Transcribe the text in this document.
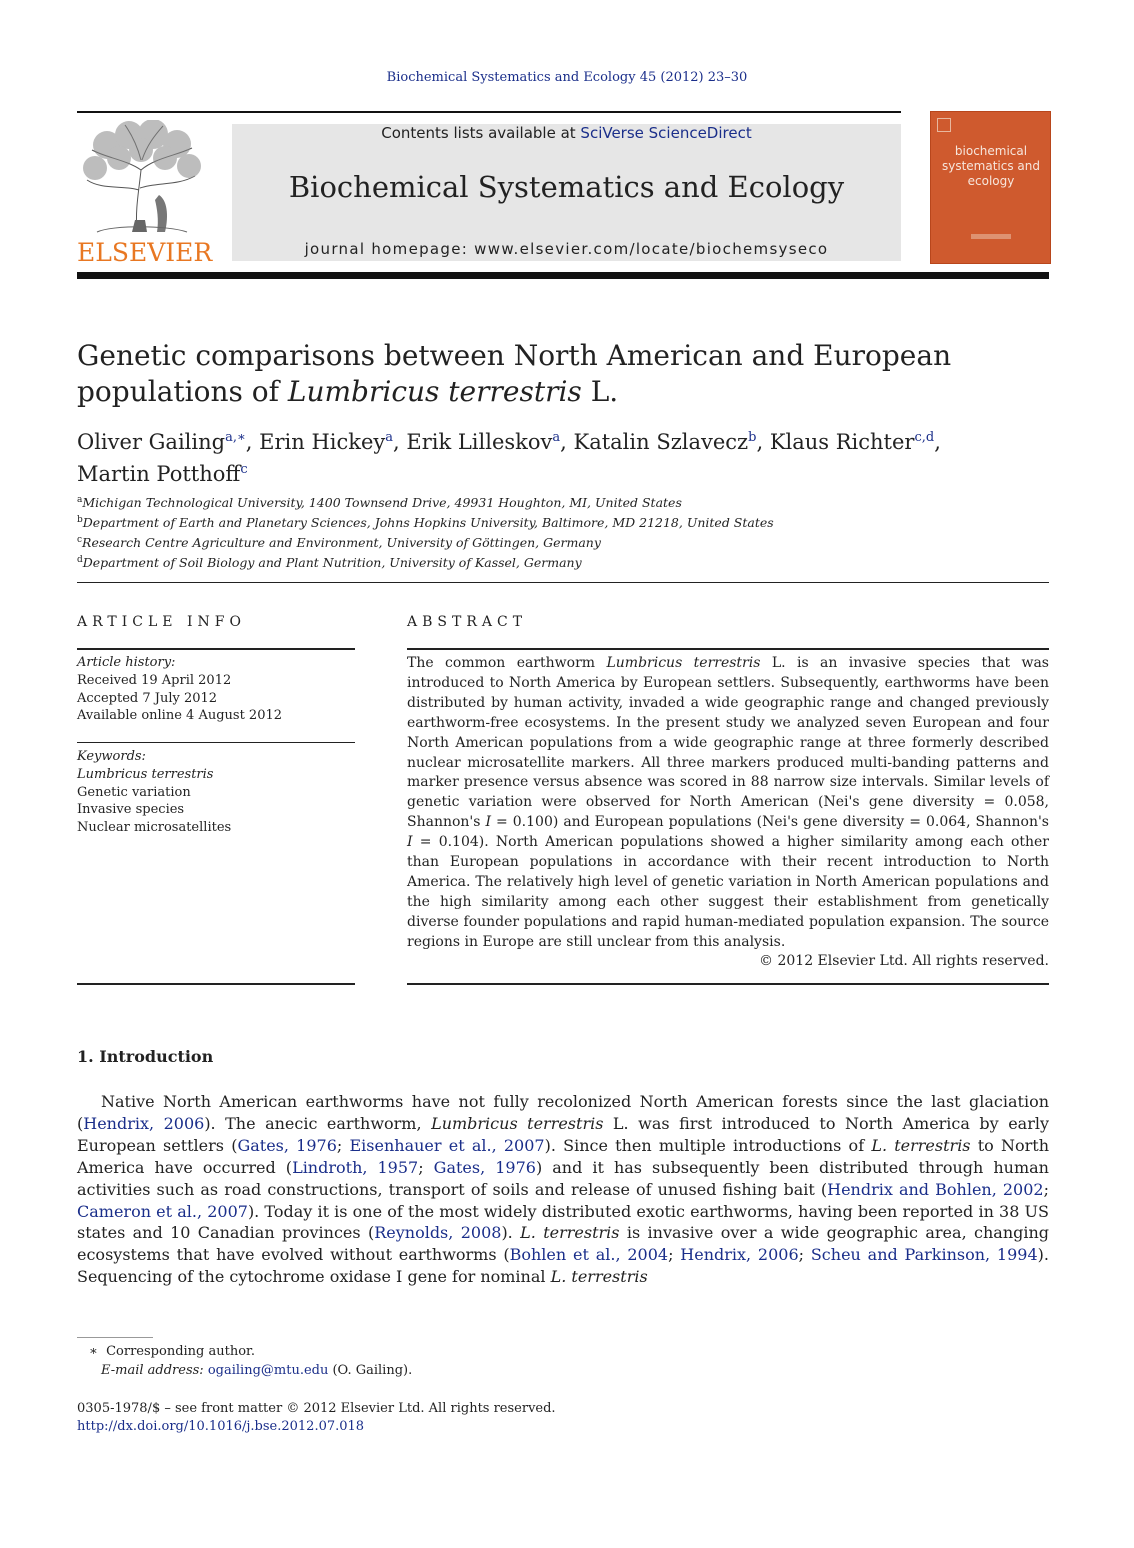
Biochemical Systematics and Ecology 45 (2012) 23–30
ELSEVIER
Contents lists available at SciVerse ScienceDirect
Biochemical Systematics and Ecology
journal homepage: www.elsevier.com/locate/biochemsyseco
biochemical systematics and ecology
Genetic comparisons between North American and European populations of Lumbricus terrestris L.
Oliver Gailing$^{a,∗}$, Erin Hickey$^a$, Erik Lilleskov$^a$, Katalin Szlavecz$^b$, Klaus Richter$^{c,d}$,
Martin Potthoff$^c$
$^a$Michigan Technological University, 1400 Townsend Drive, 49931 Houghton, MI, United States
$^b$Department of Earth and Planetary Sciences, Johns Hopkins University, Baltimore, MD 21218, United States
$^c$Research Centre Agriculture and Environment, University of Göttingen, Germany
$^d$Department of Soil Biology and Plant Nutrition, University of Kassel, Germany
ARTICLE INFO	ABSTRACT
Article history:
Received 19 April 2012
Accepted 7 July 2012
Available online 4 August 2012
Keywords:
Lumbricus terrestris
Genetic variation
Invasive species
Nuclear microsatellites
The common earthworm Lumbricus terrestris L. is an invasive species that was introduced to North America by European settlers. Subsequently, earthworms have been distributed by human activity, invaded a wide geographic range and changed previously earthworm-free ecosystems. In the present study we analyzed seven European and four North American populations from a wide geographic range at three formerly described nuclear microsatellite markers. All three markers produced multi-banding patterns and marker presence versus absence was scored in 88 narrow size intervals. Similar levels of genetic variation were observed for North American (Nei's gene diversity = 0.058, Shannon's I = 0.100) and European populations (Nei's gene diversity = 0.064, Shannon's I = 0.104). North American populations showed a higher similarity among each other than European populations in accordance with their recent introduction to North America. The relatively high level of genetic variation in North American populations and the high similarity among each other suggest their establishment from genetically diverse founder populations and rapid human-mediated population expansion. The source regions in Europe are still unclear from this analysis.
© 2012 Elsevier Ltd. All rights reserved.
1. Introduction
Native North American earthworms have not fully recolonized North American forests since the last glaciation (Hendrix, 2006). The anecic earthworm, Lumbricus terrestris L. was first introduced to North America by early European settlers (Gates, 1976; Eisenhauer et al., 2007). Since then multiple introductions of L. terrestris to North America have occurred (Lindroth, 1957; Gates, 1976) and it has subsequently been distributed through human activities such as road constructions, transport of soils and release of unused fishing bait (Hendrix and Bohlen, 2002; Cameron et al., 2007). Today it is one of the most widely distributed exotic earthworms, having been reported in 38 US states and 10 Canadian provinces (Reynolds, 2008). L. terrestris is invasive over a wide geographic area, changing ecosystems that have evolved without earthworms (Bohlen et al., 2004; Hendrix, 2006; Scheu and Parkinson, 1994). Sequencing of the cytochrome oxidase I gene for nominal L. terrestris
∗ Corresponding author.
E-mail address: ogailing@mtu.edu (O. Gailing).
0305-1978/$ – see front matter © 2012 Elsevier Ltd. All rights reserved.
http://dx.doi.org/10.1016/j.bse.2012.07.018
